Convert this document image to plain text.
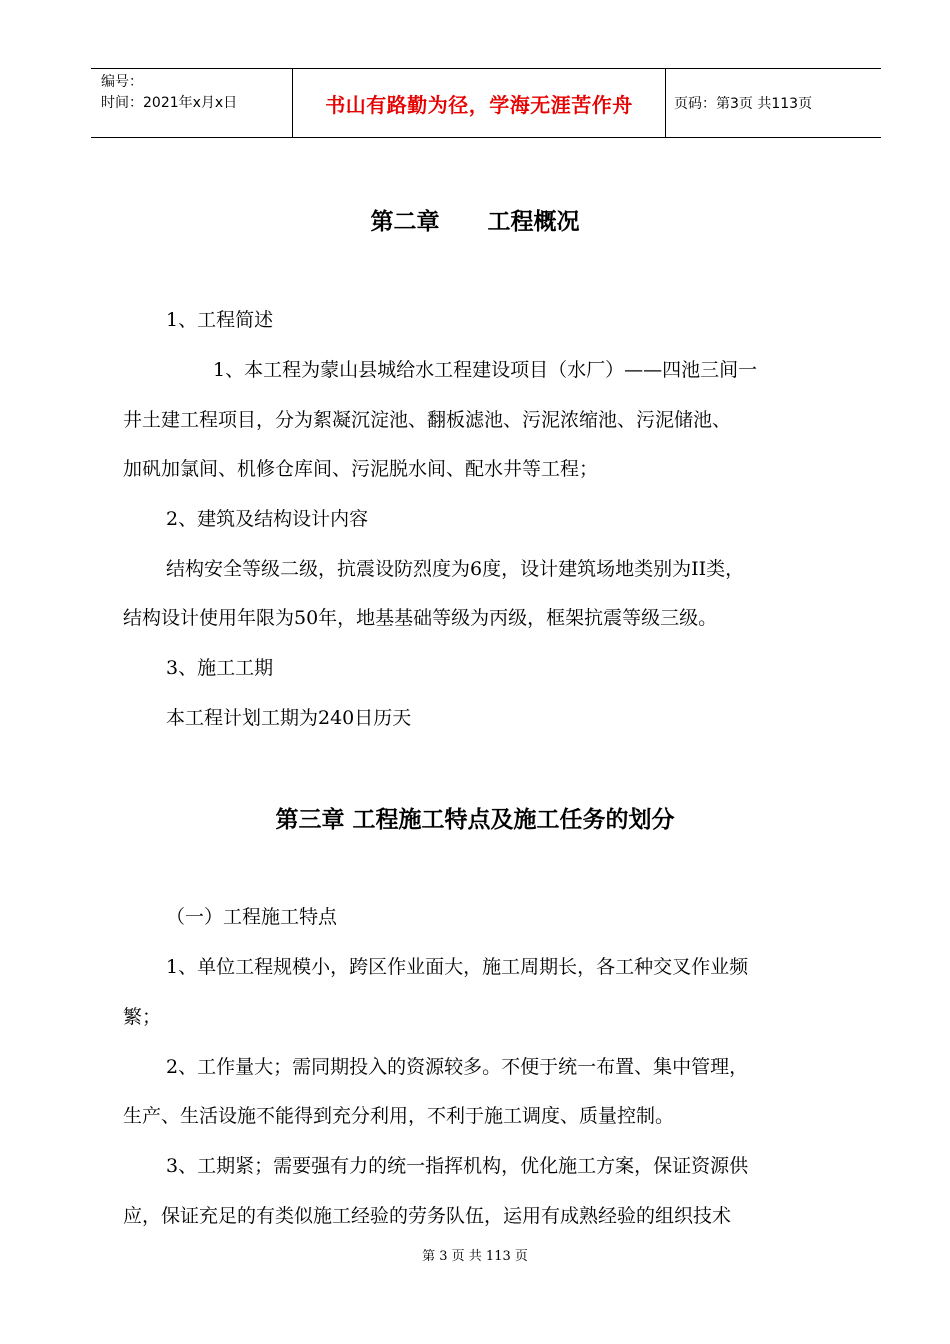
编号：
时间：2021年x月x日	书山有路勤为径，学海无涯苦作舟	页码：第3页 共113页
第二章 工程概况
1、工程简述
1、本工程为蒙山县城给水工程建设项目（水厂）——四池三间一
井土建工程项目，分为絮凝沉淀池、翻板滤池、污泥浓缩池、污泥储池、
加矾加氯间、机修仓库间、污泥脱水间、配水井等工程；
2、建筑及结构设计内容
结构安全等级二级，抗震设防烈度为6度，设计建筑场地类别为II类，
结构设计使用年限为50年，地基基础等级为丙级，框架抗震等级三级。
3、施工工期
本工程计划工期为240日历天
第三章 工程施工特点及施工任务的划分
（一）工程施工特点
1、单位工程规模小，跨区作业面大，施工周期长，各工种交叉作业频
繁；
2、工作量大；需同期投入的资源较多。不便于统一布置、集中管理，
生产、生活设施不能得到充分利用，不利于施工调度、质量控制。
3、工期紧；需要强有力的统一指挥机构，优化施工方案，保证资源供
应，保证充足的有类似施工经验的劳务队伍，运用有成熟经验的组织技术
第 3 页 共 113 页
